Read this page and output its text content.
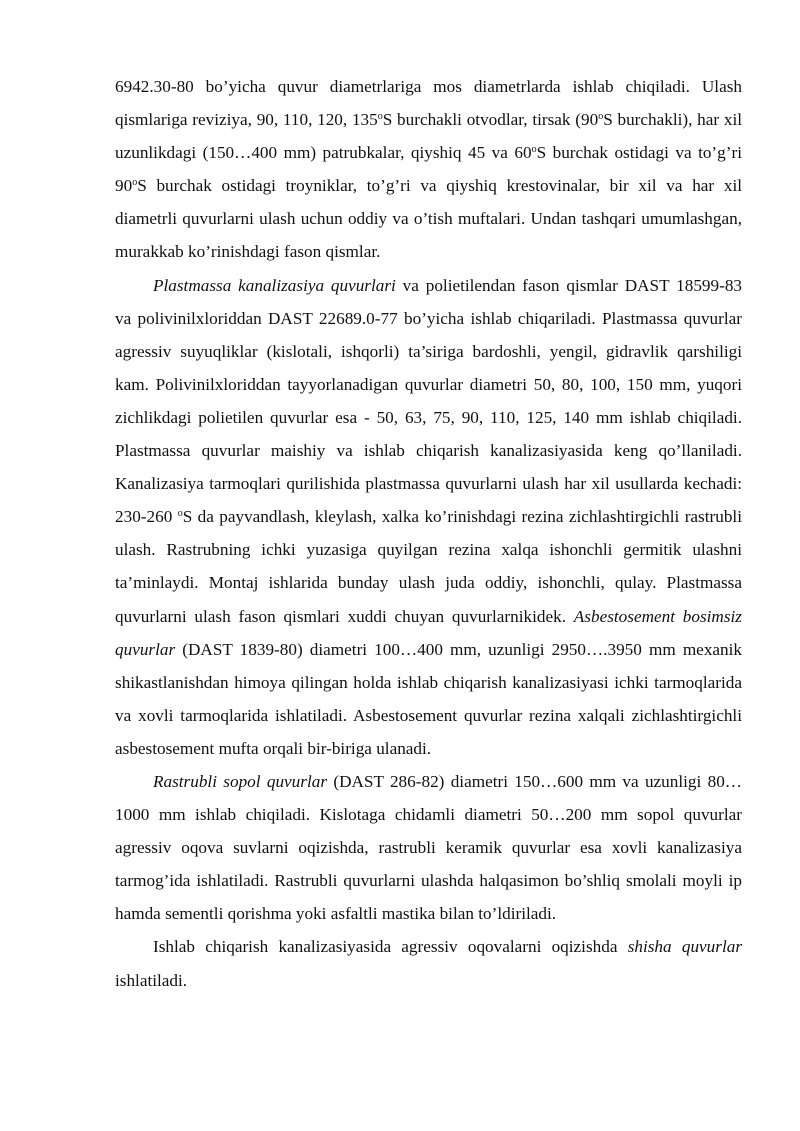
6942.30-80 bo’yicha quvur diametrlariga mos diametrlarda ishlab chiqiladi. Ulash qismlariga reviziya, 90, 110, 120, 135$^o$S burchakli otvodlar, tirsak (90$^o$S burchakli), har xil uzunlikdagi (150…400 mm) patrubkalar, qiyshiq 45 va 60$^o$S burchak ostidagi va to’g’ri 90$^o$S burchak ostidagi troyniklar, to’g’ri va qiyshiq krestovinalar, bir xil va har xil diametrli quvurlarni ulash uchun oddiy va o’tish muftalari. Undan tashqari umumlashgan, murakkab ko’rinishdagi fason qismlar.

Plastmassa kanalizasiya quvurlari va polietilendan fason qismlar DAST 18599-83 va polivinilxloriddan DAST 22689.0-77 bo’yicha ishlab chiqariladi. Plastmassa quvurlar agressiv suyuqliklar (kislotali, ishqorli) ta’siriga bardoshli, yengil, gidravlik qarshiligi kam. Polivinilxloriddan tayyorlanadigan quvurlar diametri 50, 80, 100, 150 mm, yuqori zichlikdagi polietilen quvurlar esa - 50, 63, 75, 90, 110, 125, 140 mm ishlab chiqiladi. Plastmassa quvurlar maishiy va ishlab chiqarish kanalizasiyasida keng qo’llaniladi. Kanalizasiya tarmoqlari qurilishida plastmassa quvurlarni ulash har xil usullarda kechadi: 230-260 $^o$S da payvandlash, kleylash, xalka ko’rinishdagi rezina zichlashtirgichli rastrubli ulash. Rastrubning ichki yuzasiga quyilgan rezina xalqa ishonchli germitik ulashni ta’minlaydi. Montaj ishlarida bunday ulash juda oddiy, ishonchli, qulay. Plastmassa quvurlarni ulash fason qismlari xuddi chuyan quvurlarnikidek. Asbestosement bosimsiz quvurlar (DAST 1839-80) diametri 100…400 mm, uzunligi 2950….3950 mm mexanik shikastlanishdan himoya qilingan holda ishlab chiqarish kanalizasiyasi ichki tarmoqlarida va xovli tarmoqlarida ishlatiladi. Asbestosement quvurlar rezina xalqali zichlashtirgichli asbestosement mufta orqali bir-biriga ulanadi.

Rastrubli sopol quvurlar (DAST 286-82) diametri 150…600 mm va uzunligi 80…1000 mm ishlab chiqiladi. Kislotaga chidamli diametri 50…200 mm sopol quvurlar agressiv oqova suvlarni oqizishda, rastrubli keramik quvurlar esa xovli kanalizasiya tarmog’ida ishlatiladi. Rastrubli quvurlarni ulashda halqasimon bo’shliq smolali moyli ip hamda sementli qorishma yoki asfaltli mastika bilan to’ldiriladi.

Ishlab chiqarish kanalizasiyasida agressiv oqovalarni oqizishda shisha quvurlar ishlatiladi.
